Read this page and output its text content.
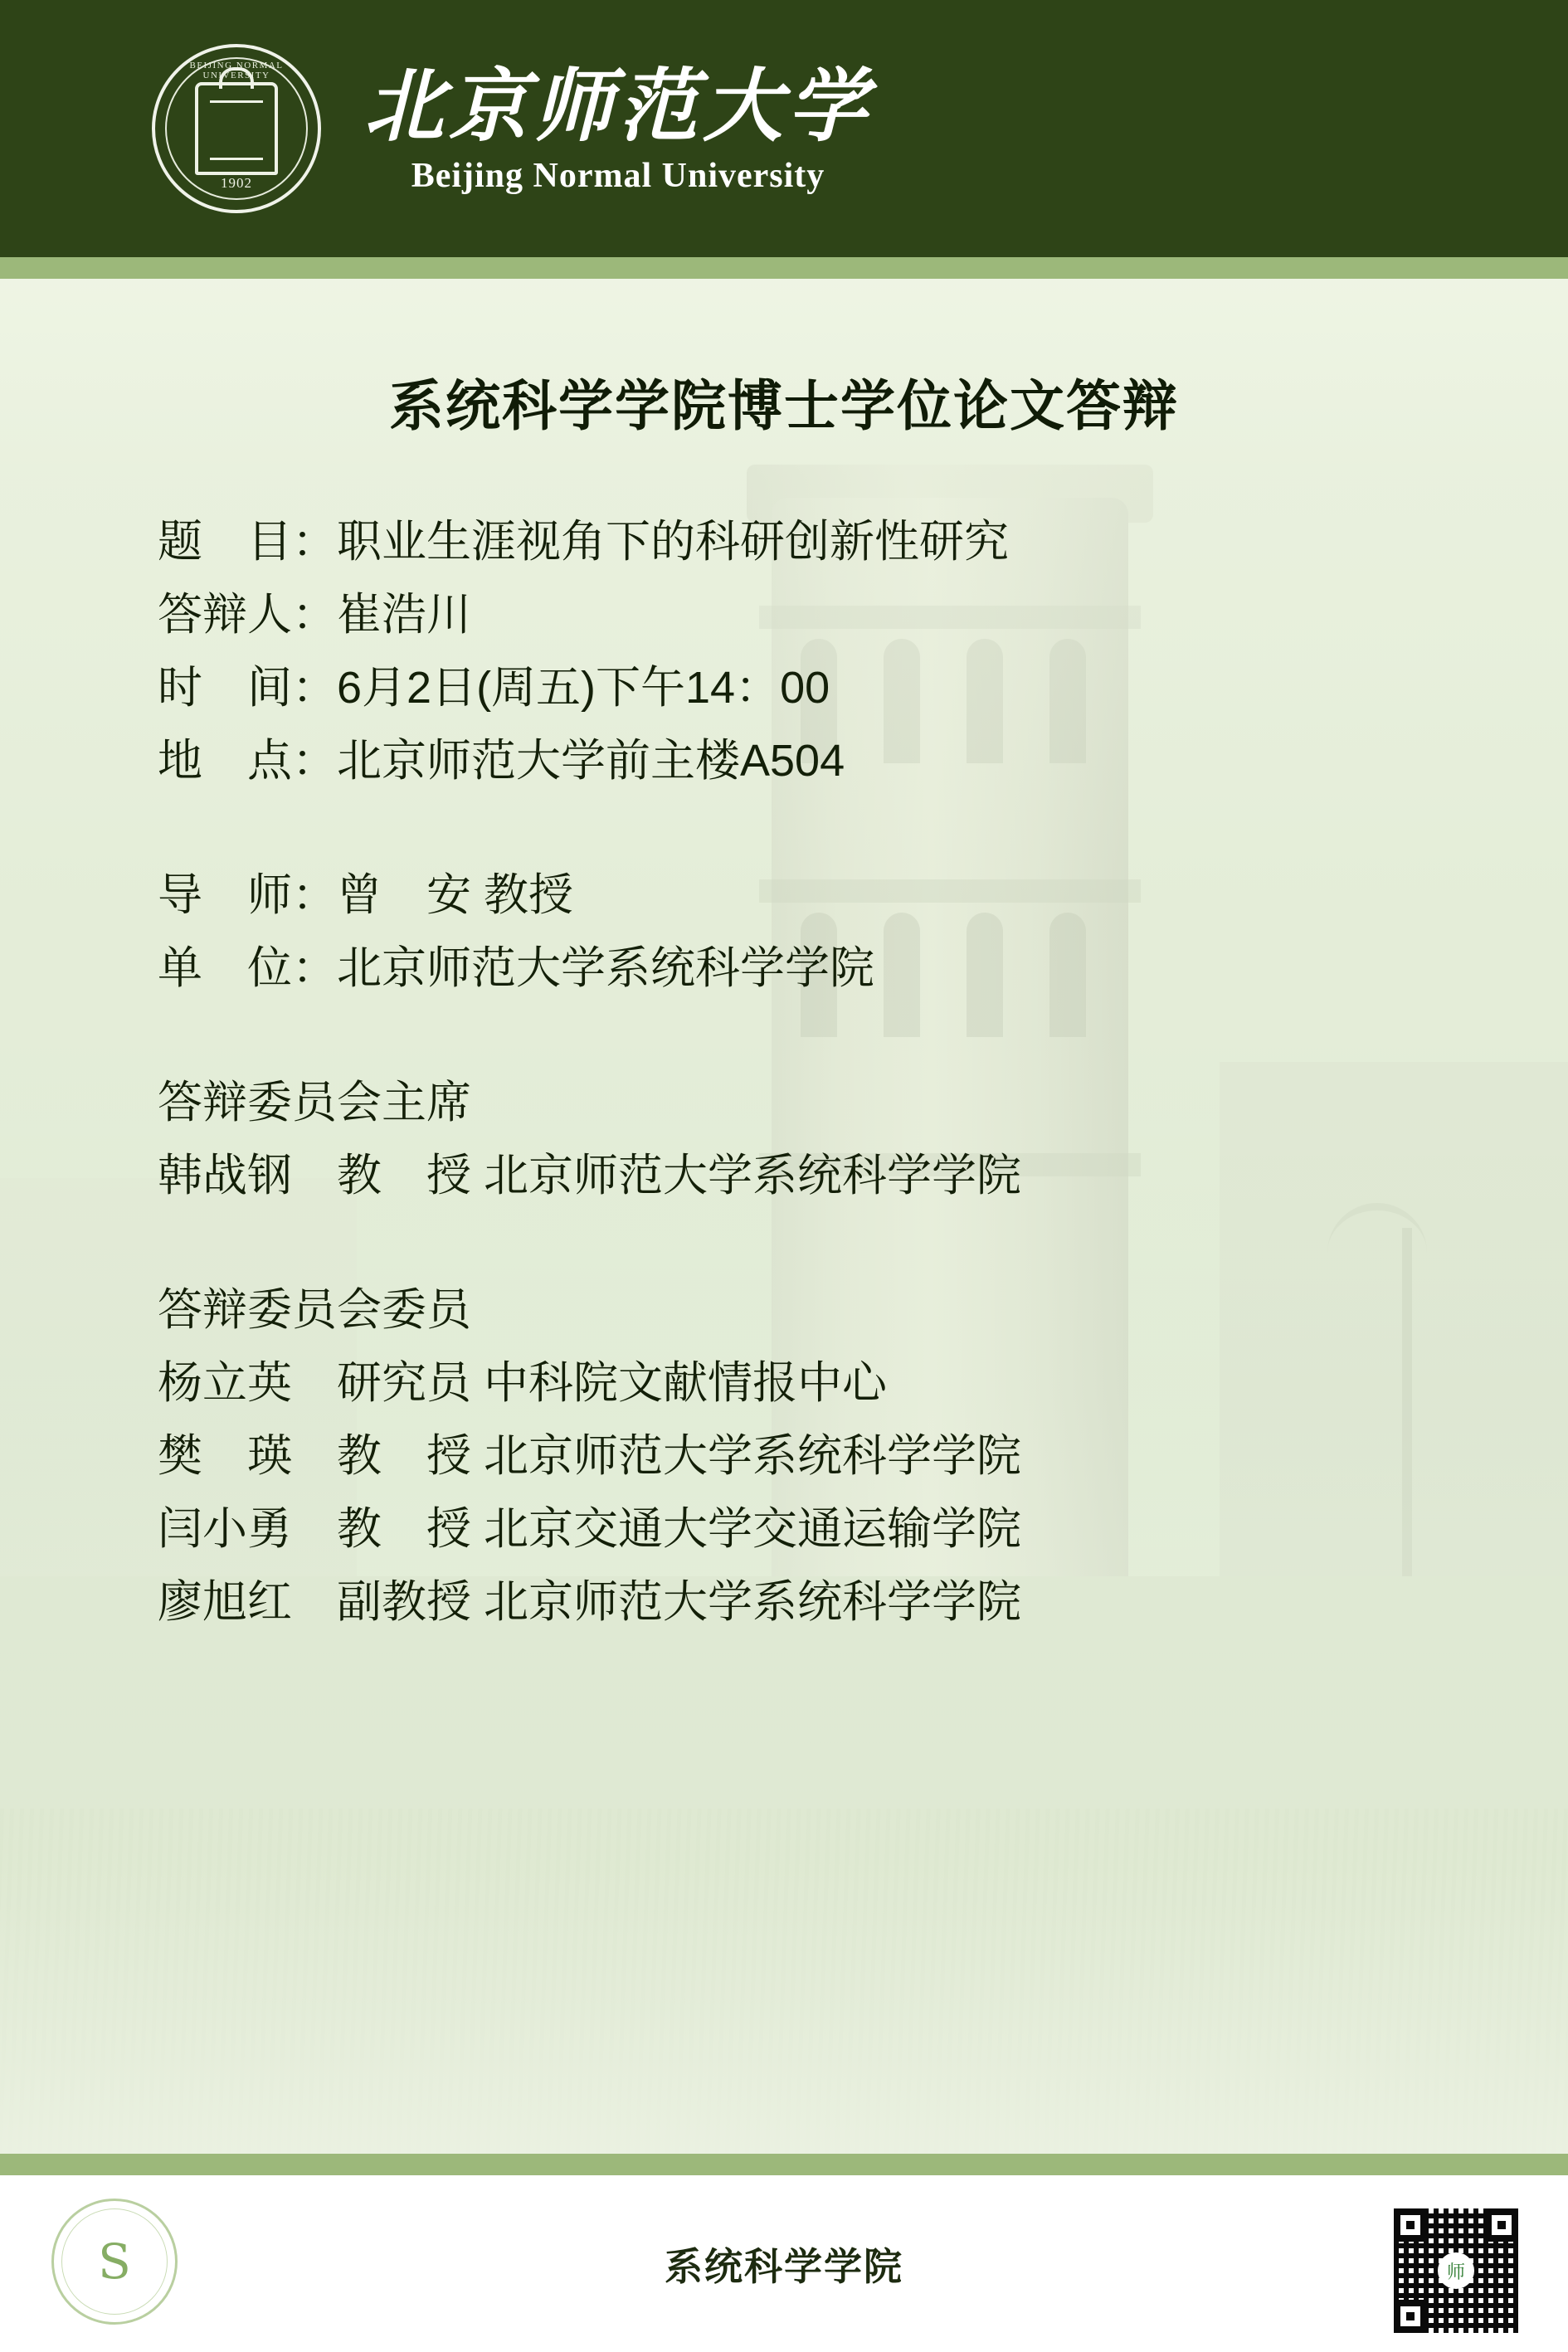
BEIJING NORMAL UNIVERSITY
1902
北京师范大学
Beijing Normal University
系统科学学院博士学位论文答辩
题　目： 职业生涯视角下的科研创新性研究
答辩人： 崔浩川
时　间： 6月2日(周五)下午14：00
地　点： 北京师范大学前主楼A504
导　师： 曾　安 教授
单　位： 北京师范大学系统科学学院
答辩委员会主席
韩战钢　教　授 北京师范大学系统科学学院
答辩委员会委员
杨立英　研究员 中科院文献情报中心
樊　瑛　教　授 北京师范大学系统科学学院
闫小勇　教　授 北京交通大学交通运输学院
廖旭红　副教授 北京师范大学系统科学学院
S	系统科学学院	师
